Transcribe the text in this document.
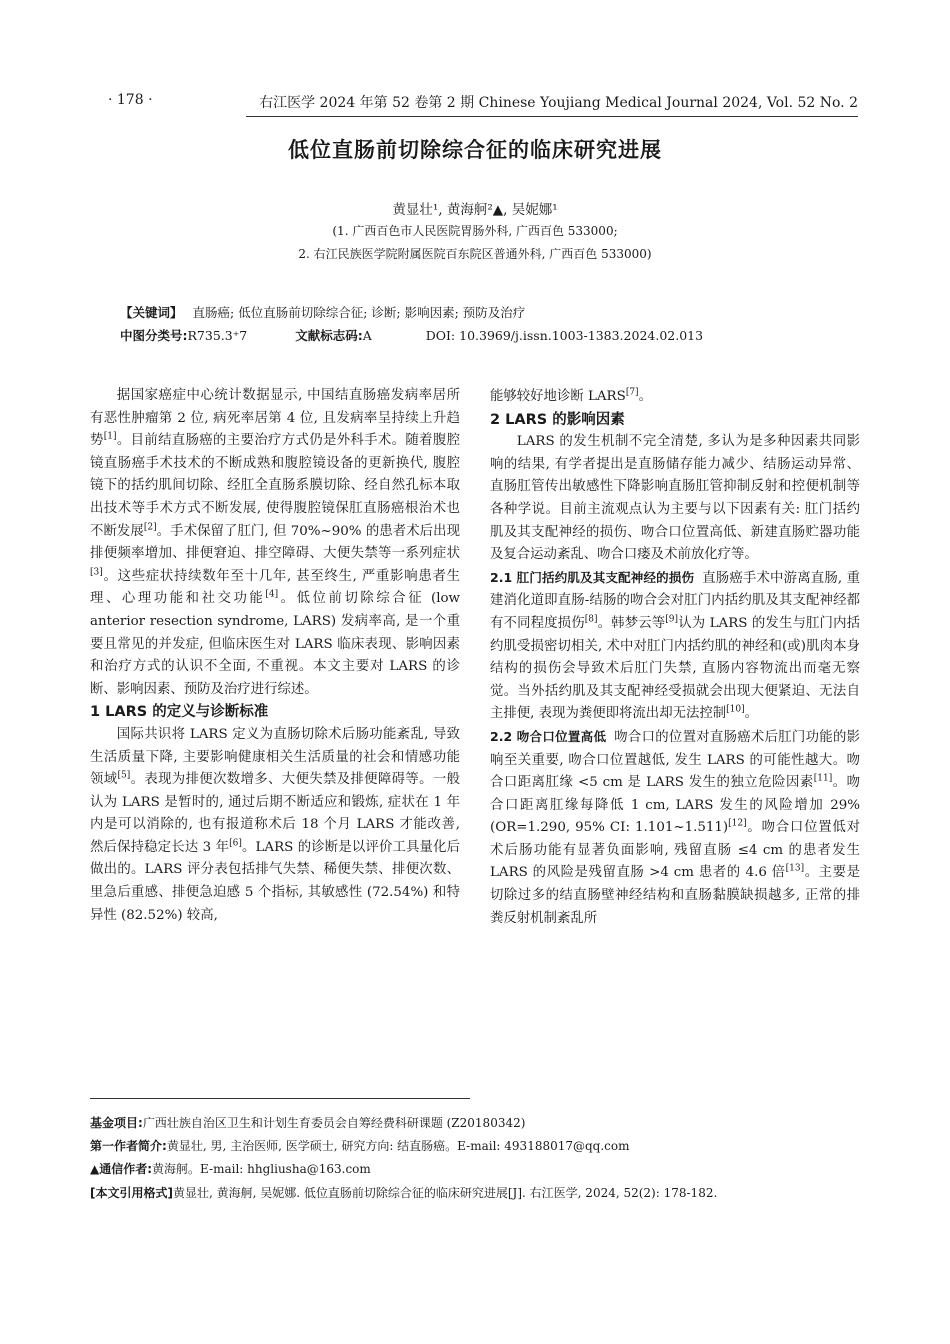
· 178 ·	右江医学 2024 年第 52 卷第 2 期 Chinese Youjiang Medical Journal 2024, Vol. 52 No. 2
低位直肠前切除综合征的临床研究进展
黄显壮¹, 黄海舸²▲, 吴妮娜¹
(1. 广西百色市人民医院胃肠外科, 广西百色 533000;
2. 右江民族医学院附属医院百东院区普通外科, 广西百色 533000)
【关键词】 直肠癌; 低位直肠前切除综合征; 诊断; 影响因素; 预防及治疗
中图分类号:R735.3⁺7	文献标志码:A	DOI: 10.3969/j.issn.1003-1383.2024.02.013

据国家癌症中心统计数据显示, 中国结直肠癌发病率居所有恶性肿瘤第 2 位, 病死率居第 4 位, 且发病率呈持续上升趋势[1]。目前结直肠癌的主要治疗方式仍是外科手术。随着腹腔镜直肠癌手术技术的不断成熟和腹腔镜设备的更新换代, 腹腔镜下的括约肌间切除、经肛全直肠系膜切除、经自然孔标本取出技术等手术方式不断发展, 使得腹腔镜保肛直肠癌根治术也不断发展[2]。手术保留了肛门, 但 70%~90% 的患者术后出现排便频率增加、排便窘迫、排空障碍、大便失禁等一系列症状[3]。这些症状持续数年至十几年, 甚至终生, 严重影响患者生理、心理功能和社交功能[4]。低位前切除综合征 (low anterior resection syndrome, LARS) 发病率高, 是一个重要且常见的并发症, 但临床医生对 LARS 临床表现、影响因素和治疗方式的认识不全面, 不重视。本文主要对 LARS 的诊断、影响因素、预防及治疗进行综述。

1 LARS 的定义与诊断标准

国际共识将 LARS 定义为直肠切除术后肠功能紊乱, 导致生活质量下降, 主要影响健康相关生活质量的社会和情感功能领域[5]。表现为排便次数增多、大便失禁及排便障碍等。一般认为 LARS 是暂时的, 通过后期不断适应和锻炼, 症状在 1 年内是可以消除的, 也有报道称术后 18 个月 LARS 才能改善, 然后保持稳定长达 3 年[6]。LARS 的诊断是以评价工具量化后做出的。LARS 评分表包括排气失禁、稀便失禁、排便次数、里急后重感、排便急迫感 5 个指标, 其敏感性 (72.54%) 和特异性 (82.52%) 较高,

能够较好地诊断 LARS[7]。

2 LARS 的影响因素

LARS 的发生机制不完全清楚, 多认为是多种因素共同影响的结果, 有学者提出是直肠储存能力减少、结肠运动异常、直肠肛管传出敏感性下降影响直肠肛管抑制反射和控便机制等各种学说。目前主流观点认为主要与以下因素有关: 肛门括约肌及其支配神经的损伤、吻合口位置高低、新建直肠贮器功能及复合运动紊乱、吻合口瘘及术前放化疗等。

2.1 肛门括约肌及其支配神经的损伤 直肠癌手术中游离直肠, 重建消化道即直肠-结肠的吻合会对肛门内括约肌及其支配神经都有不同程度损伤[8]。韩梦云等[9]认为 LARS 的发生与肛门内括约肌受损密切相关, 术中对肛门内括约肌的神经和(或)肌肉本身结构的损伤会导致术后肛门失禁, 直肠内容物流出而毫无察觉。当外括约肌及其支配神经受损就会出现大便紧迫、无法自主排便, 表现为粪便即将流出却无法控制[10]。

2.2 吻合口位置高低 吻合口的位置对直肠癌术后肛门功能的影响至关重要, 吻合口位置越低, 发生 LARS 的可能性越大。吻合口距离肛缘 <5 cm 是 LARS 发生的独立危险因素[11]。吻合口距离肛缘每降低 1 cm, LARS 发生的风险增加 29% (OR=1.290, 95% CI: 1.101~1.511)[12]。吻合口位置低对术后肠功能有显著负面影响, 残留直肠 ≤4 cm 的患者发生 LARS 的风险是残留直肠 >4 cm 患者的 4.6 倍[13]。主要是切除过多的结直肠壁神经结构和直肠黏膜缺损越多, 正常的排粪反射机制紊乱所

基金项目:广西壮族自治区卫生和计划生育委员会自筹经费科研课题 (Z20180342)
第一作者简介:黄显壮, 男, 主治医师, 医学硕士, 研究方向: 结直肠癌。E-mail: 493188017@qq.com
▲通信作者:黄海舸。E-mail: hhgliusha@163.com
[本文引用格式]黄显壮, 黄海舸, 吴妮娜. 低位直肠前切除综合征的临床研究进展[J]. 右江医学, 2024, 52(2): 178-182.
